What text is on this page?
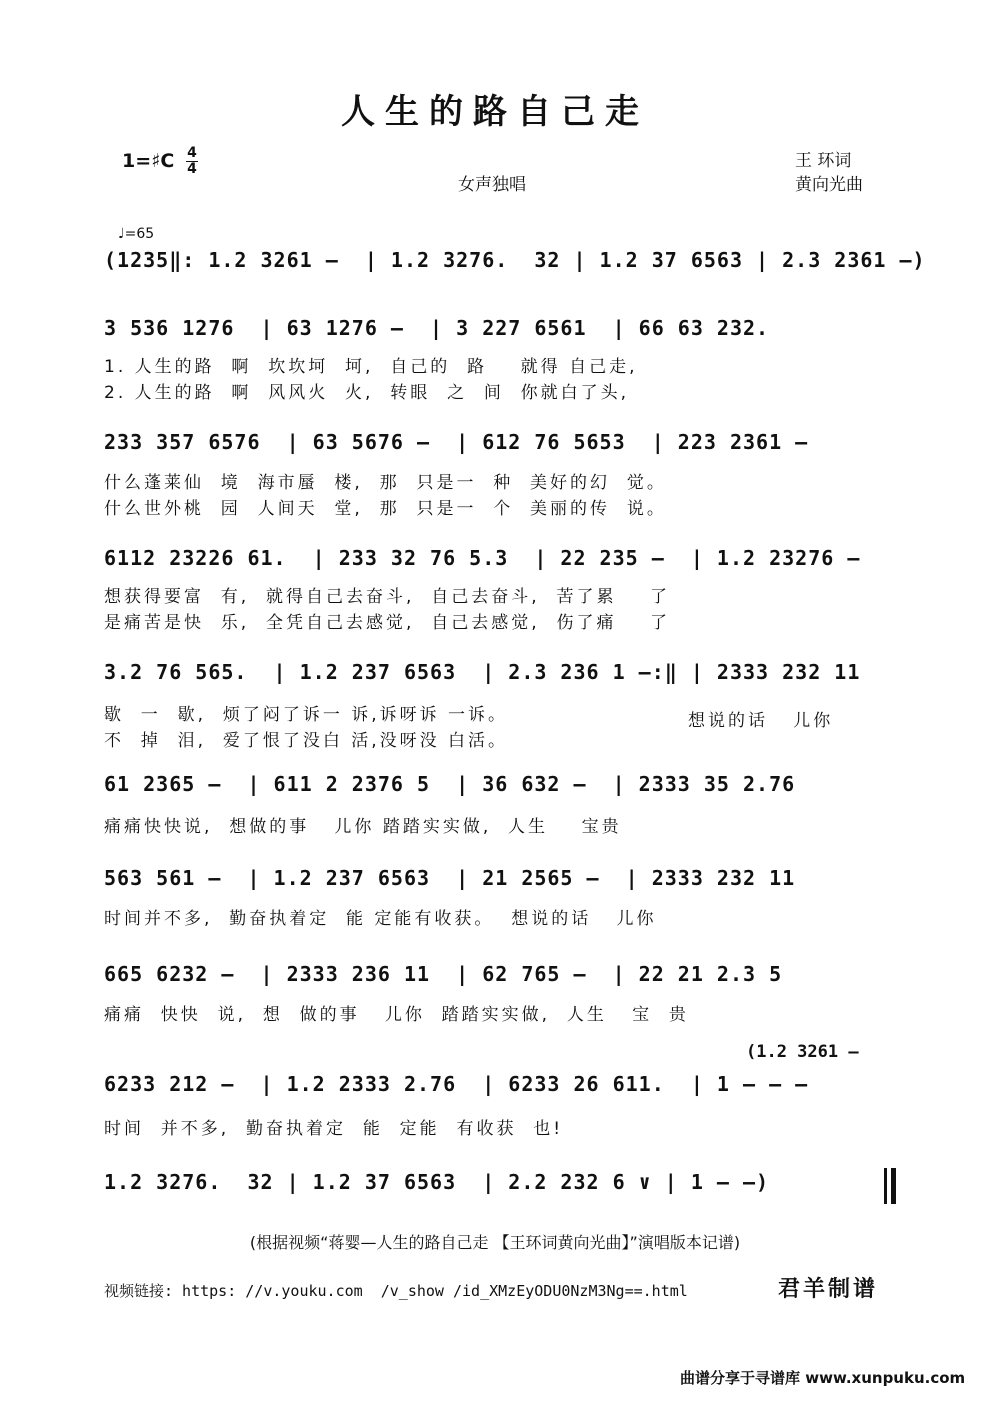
人生的路自己走
1=♯C 4
4
女声独唱
王 环词
黄向光曲
♩=65
(1235‖: 1.2 3261 –  | 1.2 3276.  32 | 1.2 37 6563 | 2.3 2361 –)
3 536 1276  | 63 1276 –  | 3 227 6561  | 66 63 232.
1. 人生的路  啊  坎坎坷  坷,  自己的  路    就得 自己走,
2. 人生的路  啊  风风火  火,  转眼  之  间  你就白了头,
233 357 6576  | 63 5676 –  | 612 76 5653  | 223 2361 –
什么蓬莱仙  境  海市蜃  楼,  那  只是一  种  美好的幻  觉。
什么世外桃  园  人间天  堂,  那  只是一  个  美丽的传  说。
6112 23226 61.  | 233 32 76 5.3  | 22 235 –  | 1.2 23276 –
想获得要富  有,  就得自己去奋斗,  自己去奋斗,  苦了累    了
是痛苦是快  乐,  全凭自己去感觉,  自己去感觉,  伤了痛    了
3.2 76 565.  | 1.2 237 6563  | 2.3 236 1 –:‖ | 2333 232 11
歇  一  歇,  烦了闷了诉一 诉,诉呀诉 一诉。
不  掉  泪,  爱了恨了没白 活,没呀没 白活。
想说的话   儿你
61 2365 –  | 611 2 2376 5  | 36 632 –  | 2333 35 2.76
痛痛快快说,  想做的事   儿你 踏踏实实做,  人生    宝贵
563 561 –  | 1.2 237 6563  | 21 2565 –  | 2333 232 11
时间并不多,  勤奋执着定  能 定能有收获。  想说的话   儿你
665 6232 –  | 2333 236 11  | 62 765 –  | 22 21 2.3 5
痛痛  快快  说,  想  做的事   儿你  踏踏实实做,  人生   宝  贵
(1.2 3261 –
6233 212 –  | 1.2 2333 2.76  | 6233 26 611.  | 1 – – –
时间  并不多,  勤奋执着定  能  定能  有收获  也!
1.2 3276.  32 | 1.2 37 6563  | 2.2 232 6 ∨ | 1 – –)
(根据视频“蒋婴—人生的路自己走 【王环词黄向光曲】”演唱版本记谱)
视频链接: https: //v.youku.com  /v_show /id_XMzEyODU0NzM3Ng==.html	君羊制谱
曲谱分享于寻谱库 www.xunpuku.com
